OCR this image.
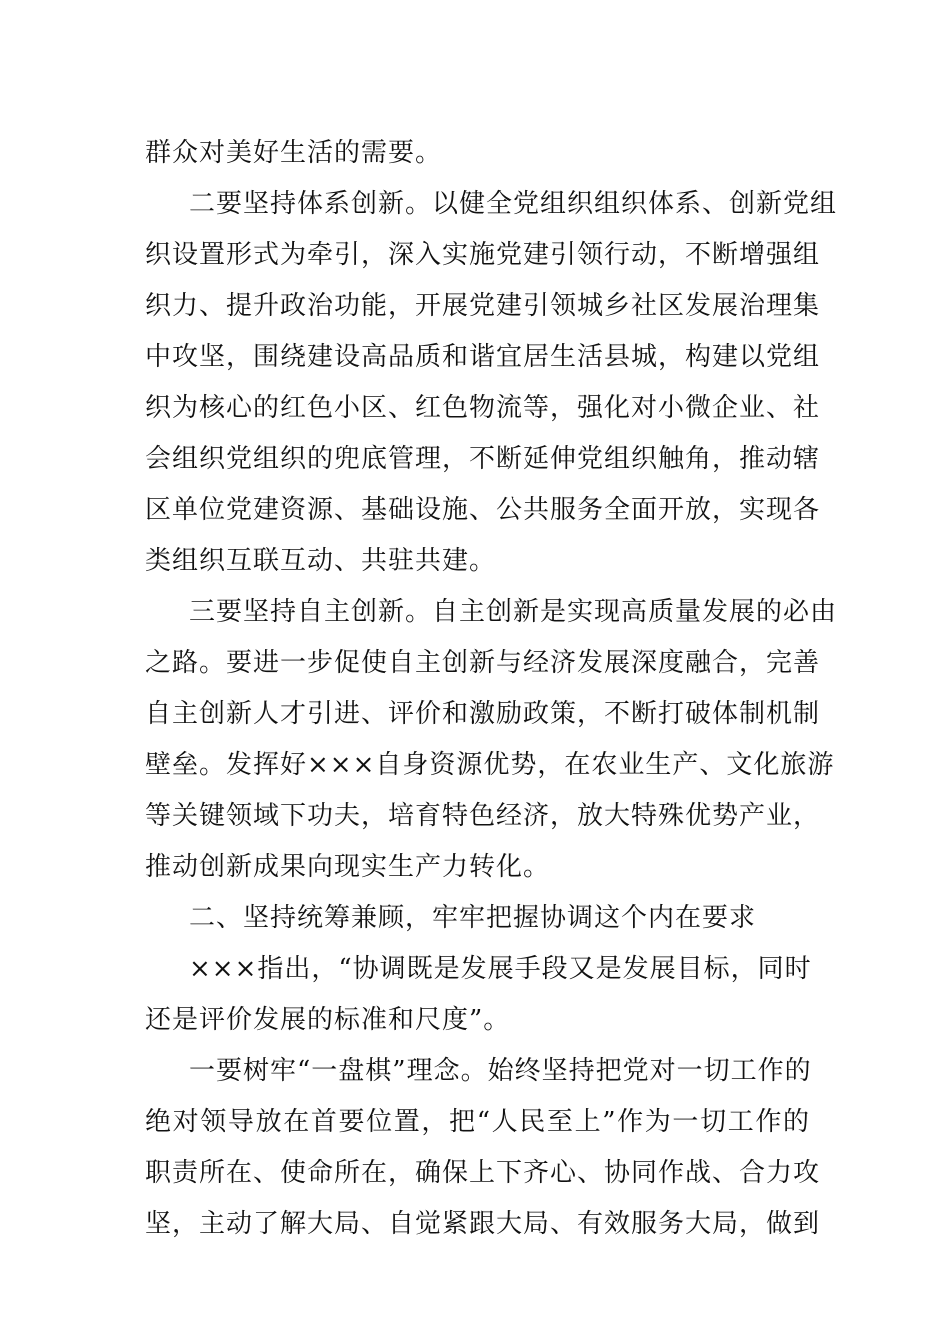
群众对美好生活的需要。
二要坚持体系创新。以健全党组织组织体系、创新党组
织设置形式为牵引，深入实施党建引领行动，不断增强组
织力、提升政治功能，开展党建引领城乡社区发展治理集
中攻坚，围绕建设高品质和谐宜居生活县城，构建以党组
织为核心的红色小区、红色物流等，强化对小微企业、社
会组织党组织的兜底管理，不断延伸党组织触角，推动辖
区单位党建资源、基础设施、公共服务全面开放，实现各
类组织互联互动、共驻共建。
三要坚持自主创新。自主创新是实现高质量发展的必由
之路。要进一步促使自主创新与经济发展深度融合，完善
自主创新人才引进、评价和激励政策，不断打破体制机制
壁垒。发挥好×××自身资源优势，在农业生产、文化旅游
等关键领域下功夫，培育特色经济，放大特殊优势产业，
推动创新成果向现实生产力转化。
二、坚持统筹兼顾，牢牢把握协调这个内在要求
×××指出，“协调既是发展手段又是发展目标，同时
还是评价发展的标准和尺度”。
一要树牢“一盘棋”理念。始终坚持把党对一切工作的
绝对领导放在首要位置，把“人民至上”作为一切工作的
职责所在、使命所在，确保上下齐心、协同作战、合力攻
坚，主动了解大局、自觉紧跟大局、有效服务大局，做到
